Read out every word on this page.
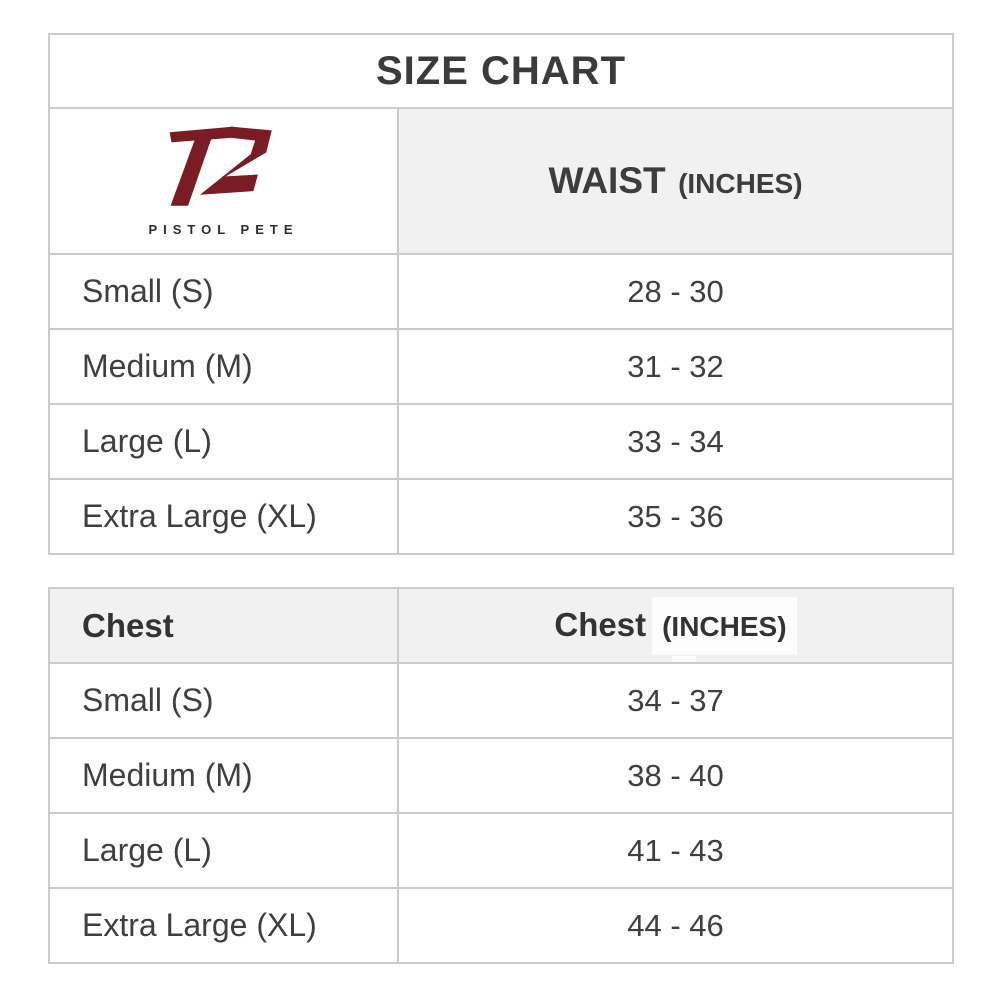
SIZE CHART	

PISTOL PETE	WAIST (INCHES)
Small (S)	28 - 30
Medium (M)	31 - 32
Large (L)	33 - 34
Extra Large (XL)	35 - 36
Chest	Chest (INCHES)

Small (S)	34 - 37
Medium (M)	38 - 40
Large (L)	41 - 43
Extra Large (XL)	44 - 46
